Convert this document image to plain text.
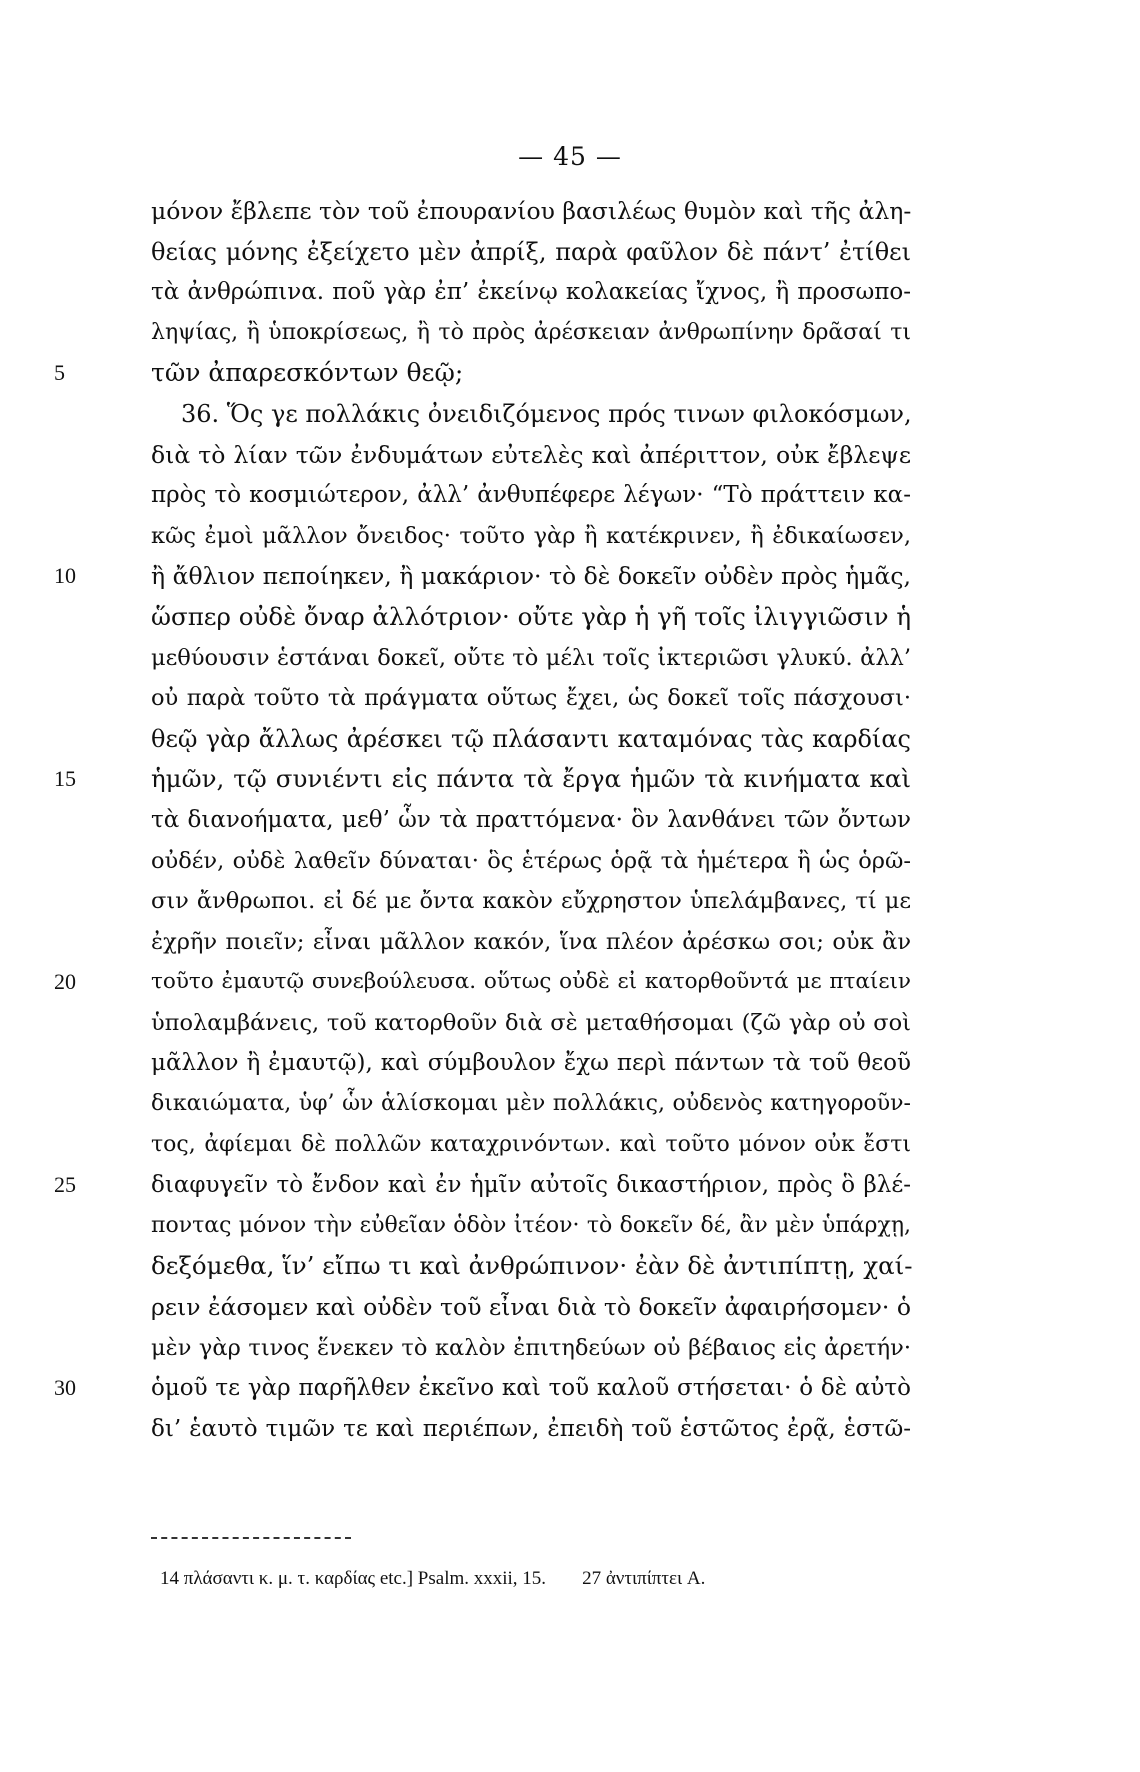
— 45 —
μόνον ἔβλεπε τὸν τοῦ ἐπουρανίου βασιλέως θυμὸν καὶ τῆς ἀλη-
θείας μόνης ἐξείχετο μὲν ἀπρίξ, παρὰ φαῦλον δὲ πάντ’ ἐτίθει
τὰ ἀνθρώπινα. ποῦ γὰρ ἐπ’ ἐκείνῳ κολακείας ἴχνος, ἢ προσωπο-
ληψίας, ἢ ὑποκρίσεως, ἢ τὸ πρὸς ἀρέσκειαν ἀνθρωπίνην δρᾶσαί τι
5	τῶν ἀπαρεσκόντων θεῷ;
36. Ὅς γε πολλάκις ὀνειδιζόμενος πρός τινων φιλοκόσμων,
διὰ τὸ λίαν τῶν ἐνδυμάτων εὐτελὲς καὶ ἀπέριττον, οὐκ ἔβλεψε
πρὸς τὸ κοσμιώτερον, ἀλλ’ ἀνθυπέφερε λέγων· “Τὸ πράττειν κα-
κῶς ἐμοὶ μᾶλλον ὄνειδος· τοῦτο γὰρ ἢ κατέκρινεν, ἢ ἐδικαίωσεν,
10	ἢ ἄθλιον πεποίηκεν, ἢ μακάριον· τὸ δὲ δοκεῖν οὐδὲν πρὸς ἡμᾶς,
ὥσπερ οὐδὲ ὄναρ ἀλλότριον· οὔτε γὰρ ἡ γῆ τοῖς ἰλιγγιῶσιν ἡ
μεθύουσιν ἑστάναι δοκεῖ, οὔτε τὸ μέλι τοῖς ἰκτεριῶσι γλυκύ. ἀλλ’
οὐ παρὰ τοῦτο τὰ πράγματα οὕτως ἔχει, ὡς δοκεῖ τοῖς πάσχουσι·
θεῷ γὰρ ἄλλως ἀρέσκει τῷ πλάσαντι καταμόνας τὰς καρδίας
15	ἡμῶν, τῷ συνιέντι εἰς πάντα τὰ ἔργα ἡμῶν τὰ κινήματα καὶ
τὰ διανοήματα, μεθ’ ὧν τὰ πραττόμενα· ὃν λανθάνει τῶν ὄντων
οὐδέν, οὐδὲ λαθεῖν δύναται· ὃς ἑτέρως ὁρᾷ τὰ ἡμέτερα ἢ ὡς ὁρῶ-
σιν ἄνθρωποι. εἰ δέ με ὄντα κακὸν εὔχρηστον ὑπελάμβανες, τί με
ἐχρῆν ποιεῖν; εἶναι μᾶλλον κακόν, ἵνα πλέον ἀρέσκω σοι; οὐκ ἂν
20	τοῦτο ἐμαυτῷ συνεβούλευσα. οὕτως οὐδὲ εἰ κατορθοῦντά με πταίειν
ὑπολαμβάνεις, τοῦ κατορθοῦν διὰ σὲ μεταθήσομαι (ζῶ γὰρ οὐ σοὶ
μᾶλλον ἢ ἐμαυτῷ), καὶ σύμβουλον ἔχω περὶ πάντων τὰ τοῦ θεοῦ
δικαιώματα, ὑφ’ ὧν ἁλίσκομαι μὲν πολλάκις, οὐδενὸς κατηγοροῦν-
τος, ἀφίεμαι δὲ πολλῶν καταχρινόντων. καὶ τοῦτο μόνον οὐκ ἔστι
25	διαφυγεῖν τὸ ἔνδον καὶ ἐν ἡμῖν αὐτοῖς δικαστήριον, πρὸς ὃ βλέ-
ποντας μόνον τὴν εὐθεῖαν ὁδὸν ἰτέον· τὸ δοκεῖν δέ, ἂν μὲν ὑπάρχῃ,
δεξόμεθα, ἵν’ εἴπω τι καὶ ἀνθρώπινον· ἐὰν δὲ ἀντιπίπτῃ, χαί-
ρειν ἐάσομεν καὶ οὐδὲν τοῦ εἶναι διὰ τὸ δοκεῖν ἀφαιρήσομεν· ὁ
μὲν γὰρ τινος ἕνεκεν τὸ καλὸν ἐπιτηδεύων οὐ βέβαιος εἰς ἀρετήν·
30	ὁμοῦ τε γὰρ παρῆλθεν ἐκεῖνο καὶ τοῦ καλοῦ στήσεται· ὁ δὲ αὐτὸ
δι’ ἑαυτὸ τιμῶν τε καὶ περιέπων, ἐπειδὴ τοῦ ἑστῶτος ἐρᾷ, ἑστῶ-
14 πλάσαντι κ. μ. τ. καρδίας etc.] Psalm. xxxii, 15. 27 ἀντιπίπτει A.
